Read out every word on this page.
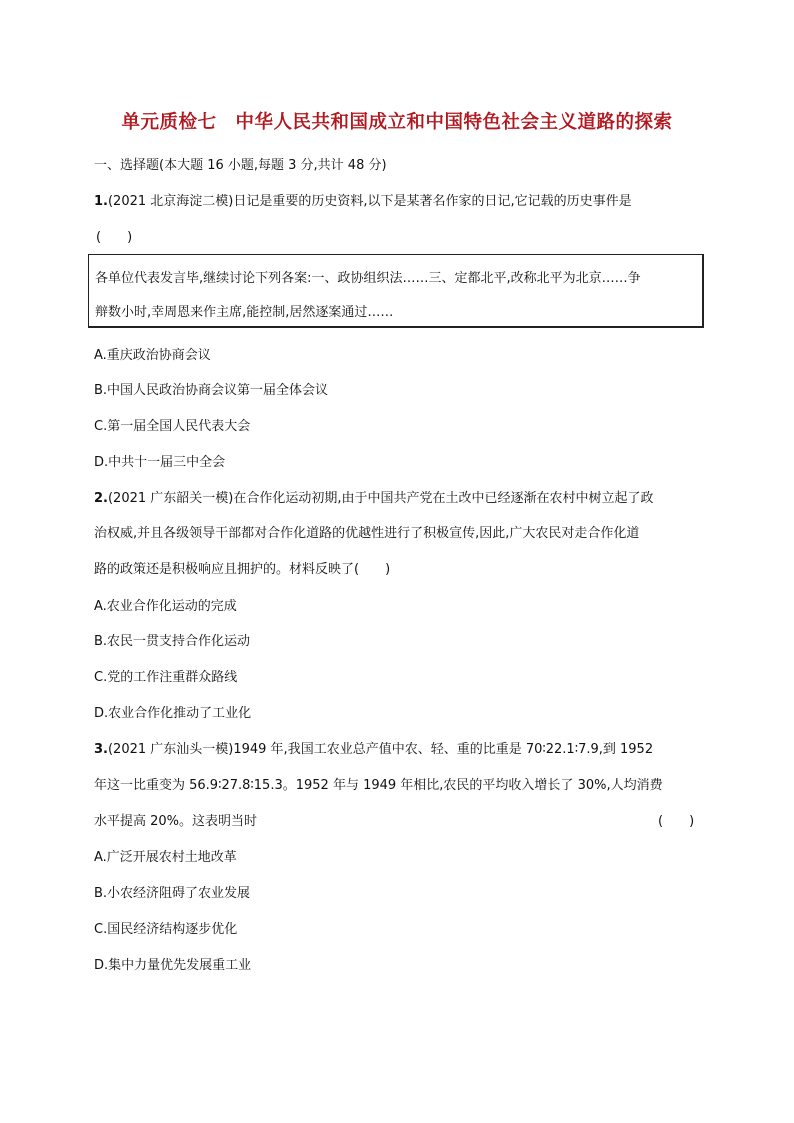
单元质检七　中华人民共和国成立和中国特色社会主义道路的探索
一、选择题(本大题 16 小题,每题 3 分,共计 48 分)
1.(2021 北京海淀二模)日记是重要的历史资料,以下是某著名作家的日记,它记载的历史事件是
(　　)
各单位代表发言毕,继续讨论下列各案:一、政协组织法……三、定都北平,改称北平为北京……争
辩数小时,幸周恩来作主席,能控制,居然逐案通过……
A.重庆政治协商会议
B.中国人民政治协商会议第一届全体会议
C.第一届全国人民代表大会
D.中共十一届三中全会
2.(2021 广东韶关一模)在合作化运动初期,由于中国共产党在土改中已经逐渐在农村中树立起了政
治权威,并且各级领导干部都对合作化道路的优越性进行了积极宣传,因此,广大农民对走合作化道
路的政策还是积极响应且拥护的。材料反映了(　　)
A.农业合作化运动的完成
B.农民一贯支持合作化运动
C.党的工作注重群众路线
D.农业合作化推动了工业化
3.(2021 广东汕头一模)1949 年,我国工农业总产值中农、轻、重的比重是 70∶22.1∶7.9,到 1952
年这一比重变为 56.9∶27.8∶15.3。1952 年与 1949 年相比,农民的平均收入增长了 30%,人均消费
水平提高 20%。这表明当时	(　　)
A.广泛开展农村土地改革
B.小农经济阻碍了农业发展
C.国民经济结构逐步优化
D.集中力量优先发展重工业
